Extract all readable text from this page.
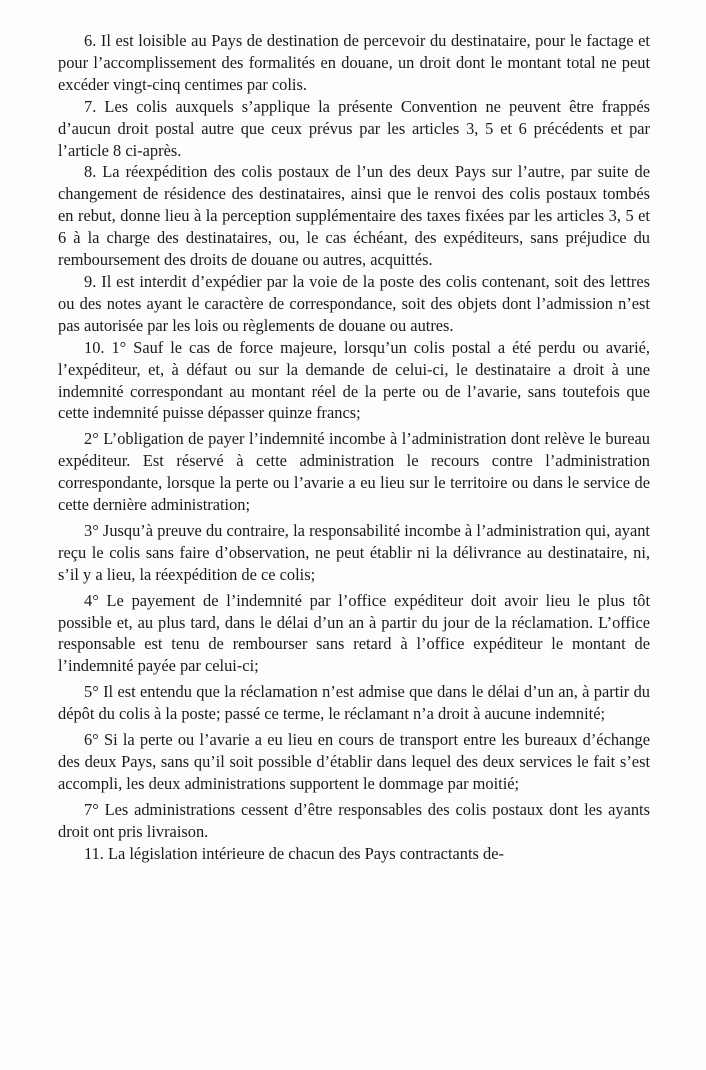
6. Il est loisible au Pays de destination de percevoir du destinataire, pour le factage et pour l’accomplissement des formalités en douane, un droit dont le montant total ne peut excéder vingt-cinq centimes par colis.

7. Les colis auxquels s’applique la présente Convention ne peuvent être frappés d’aucun droit postal autre que ceux prévus par les articles 3, 5 et 6 précédents et par l’article 8 ci-après.

8. La réexpédition des colis postaux de l’un des deux Pays sur l’autre, par suite de changement de résidence des destinataires, ainsi que le renvoi des colis postaux tombés en rebut, donne lieu à la perception supplémentaire des taxes fixées par les articles 3, 5 et 6 à la charge des destinataires, ou, le cas échéant, des expéditeurs, sans préjudice du remboursement des droits de douane ou autres, acquittés.

9. Il est interdit d’expédier par la voie de la poste des colis contenant, soit des lettres ou des notes ayant le caractère de correspondance, soit des objets dont l’admission n’est pas autorisée par les lois ou règlements de douane ou autres.

10. 1° Sauf le cas de force majeure, lorsqu’un colis postal a été perdu ou avarié, l’expéditeur, et, à défaut ou sur la demande de celui-ci, le destinataire a droit à une indemnité correspondant au montant réel de la perte ou de l’avarie, sans toutefois que cette indemnité puisse dépasser quinze francs;

2° L’obligation de payer l’indemnité incombe à l’administration dont relève le bureau expéditeur. Est réservé à cette administration le recours contre l’administration correspondante, lorsque la perte ou l’avarie a eu lieu sur le territoire ou dans le service de cette dernière administration;

3° Jusqu’à preuve du contraire, la responsabilité incombe à l’administration qui, ayant reçu le colis sans faire d’observation, ne peut établir ni la délivrance au destinataire, ni, s’il y a lieu, la réexpédition de ce colis;

4° Le payement de l’indemnité par l’office expéditeur doit avoir lieu le plus tôt possible et, au plus tard, dans le délai d’un an à partir du jour de la réclamation. L’office responsable est tenu de rembourser sans retard à l’office expéditeur le montant de l’indemnité payée par celui-ci;

5° Il est entendu que la réclamation n’est admise que dans le délai d’un an, à partir du dépôt du colis à la poste; passé ce terme, le réclamant n’a droit à aucune indemnité;

6° Si la perte ou l’avarie a eu lieu en cours de transport entre les bureaux d’échange des deux Pays, sans qu’il soit possible d’établir dans lequel des deux services le fait s’est accompli, les deux administrations supportent le dommage par moitié;

7° Les administrations cessent d’être responsables des colis postaux dont les ayants droit ont pris livraison.

11. La législation intérieure de chacun des Pays contractants de-
